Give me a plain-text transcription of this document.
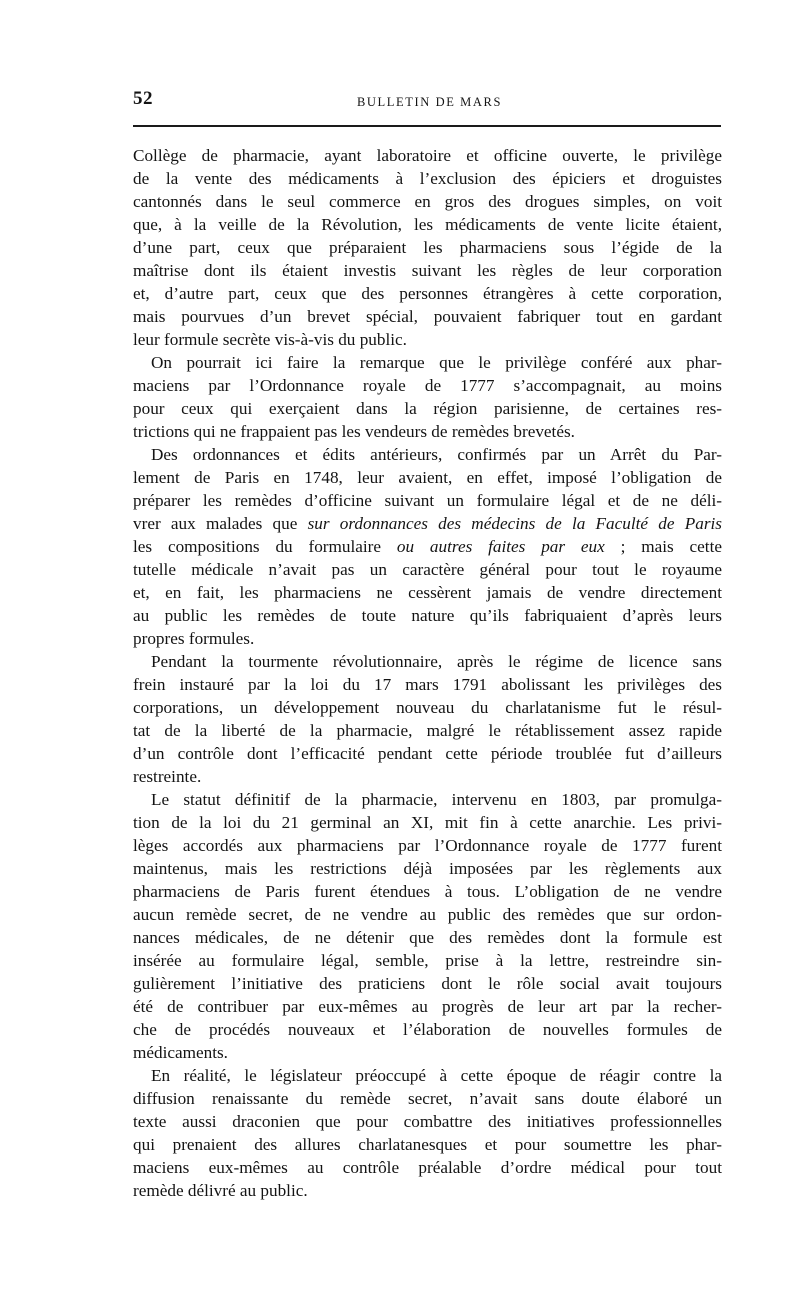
52	BULLETIN DE MARS
Collège de pharmacie, ayant laboratoire et officine ouverte, le privilège
de la vente des médicaments à l’exclusion des épiciers et droguistes
cantonnés dans le seul commerce en gros des drogues simples, on voit
que, à la veille de la Révolution, les médicaments de vente licite étaient,
d’une part, ceux que préparaient les pharmaciens sous l’égide de la
maîtrise dont ils étaient investis suivant les règles de leur corporation
et, d’autre part, ceux que des personnes étrangères à cette corporation,
mais pourvues d’un brevet spécial, pouvaient fabriquer tout en gardant
leur formule secrète vis-à-vis du public.
On pourrait ici faire la remarque que le privilège conféré aux phar-
maciens par l’Ordonnance royale de 1777 s’accompagnait, au moins
pour ceux qui exerçaient dans la région parisienne, de certaines res-
trictions qui ne frappaient pas les vendeurs de remèdes brevetés.
Des ordonnances et édits antérieurs, confirmés par un Arrêt du Par-
lement de Paris en 1748, leur avaient, en effet, imposé l’obligation de
préparer les remèdes d’officine suivant un formulaire légal et de ne déli-
vrer aux malades que sur ordonnances des médecins de la Faculté de Paris
les compositions du formulaire ou autres faites par eux ; mais cette
tutelle médicale n’avait pas un caractère général pour tout le royaume
et, en fait, les pharmaciens ne cessèrent jamais de vendre directement
au public les remèdes de toute nature qu’ils fabriquaient d’après leurs
propres formules.
Pendant la tourmente révolutionnaire, après le régime de licence sans
frein instauré par la loi du 17 mars 1791 abolissant les privilèges des
corporations, un développement nouveau du charlatanisme fut le résul-
tat de la liberté de la pharmacie, malgré le rétablissement assez rapide
d’un contrôle dont l’efficacité pendant cette période troublée fut d’ailleurs
restreinte.
Le statut définitif de la pharmacie, intervenu en 1803, par promulga-
tion de la loi du 21 germinal an XI, mit fin à cette anarchie. Les privi-
lèges accordés aux pharmaciens par l’Ordonnance royale de 1777 furent
maintenus, mais les restrictions déjà imposées par les règlements aux
pharmaciens de Paris furent étendues à tous. L’obligation de ne vendre
aucun remède secret, de ne vendre au public des remèdes que sur ordon-
nances médicales, de ne détenir que des remèdes dont la formule est
insérée au formulaire légal, semble, prise à la lettre, restreindre sin-
gulièrement l’initiative des praticiens dont le rôle social avait toujours
été de contribuer par eux-mêmes au progrès de leur art par la recher-
che de procédés nouveaux et l’élaboration de nouvelles formules de
médicaments.
En réalité, le législateur préoccupé à cette époque de réagir contre la
diffusion renaissante du remède secret, n’avait sans doute élaboré un
texte aussi draconien que pour combattre des initiatives professionnelles
qui prenaient des allures charlatanesques et pour soumettre les phar-
maciens eux-mêmes au contrôle préalable d’ordre médical pour tout
remède délivré au public.
